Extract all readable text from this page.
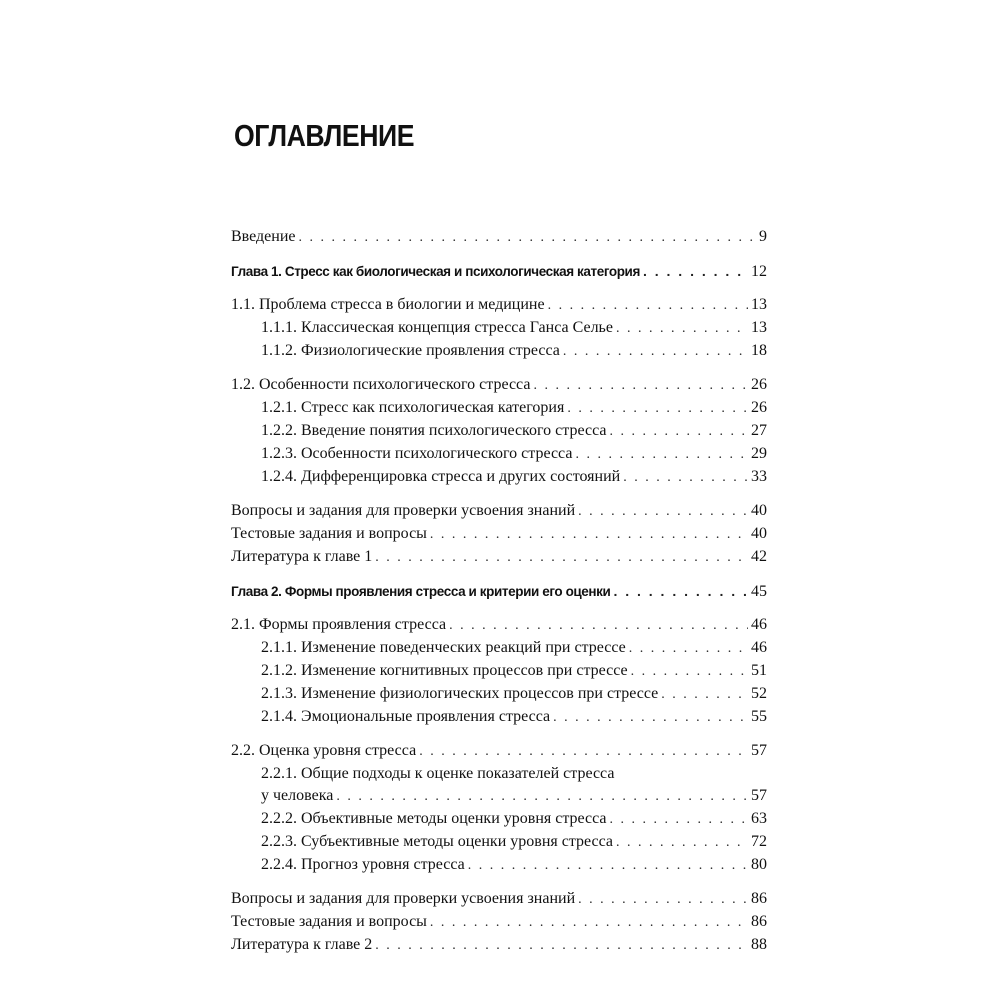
ОГЛАВЛЕНИЕ
Введение . . .	9
Глава 1. Стресс как биологическая и психологическая категория . . .	12
1.1. Проблема стресса в биологии и медицине . . .	13
1.1.1. Классическая концепция стресса Ганса Селье . . .	13
1.1.2. Физиологические проявления стресса . . .	18
1.2. Особенности психологического стресса . . .	26
1.2.1. Стресс как психологическая категория . . .	26
1.2.2. Введение понятия психологического стресса . . .	27
1.2.3. Особенности психологического стресса . . .	29
1.2.4. Дифференцировка стресса и других состояний . . .	33
Вопросы и задания для проверки усвоения знаний . . .	40
Тестовые задания и вопросы . . .	40
Литература к главе 1 . . .	42
Глава 2. Формы проявления стресса и критерии его оценки . . .	45
2.1. Формы проявления стресса . . .	46
2.1.1. Изменение поведенческих реакций при стрессе . . .	46
2.1.2. Изменение когнитивных процессов при стрессе . . .	51
2.1.3. Изменение физиологических процессов при стрессе . . .	52
2.1.4. Эмоциональные проявления стресса . . .	55
2.2. Оценка уровня стресса . . .	57
2.2.1. Общие подходы к оценке показателей стресса
у человека . . .	57
2.2.2. Объективные методы оценки уровня стресса . . .	63
2.2.3. Субъективные методы оценки уровня стресса . . .	72
2.2.4. Прогноз уровня стресса . . .	80
Вопросы и задания для проверки усвоения знаний . . .	86
Тестовые задания и вопросы . . .	86
Литература к главе 2 . . .	88
